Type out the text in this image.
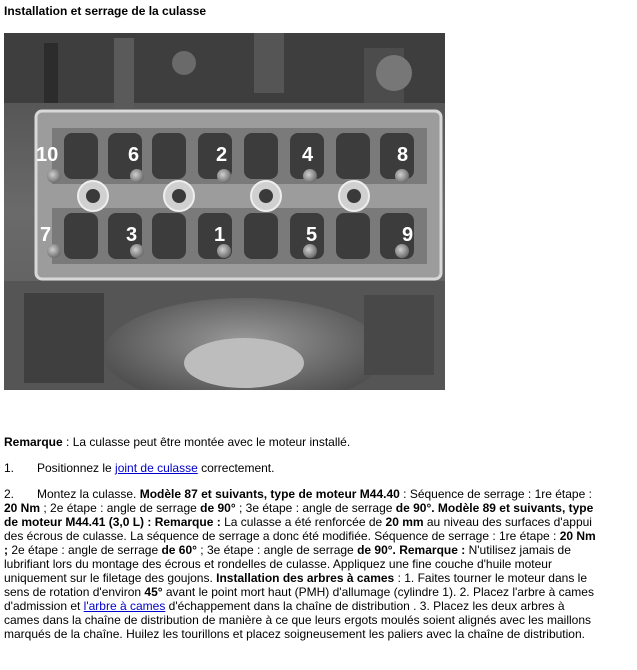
Installation et serrage de la culasse
10	6	2	4	8
7	3	1	5	9

Remarque : La culasse peut être montée avec le moteur installé.

1. Positionnez le joint de culasse correctement.

2. Montez la culasse. Modèle 87 et suivants, type de moteur M44.40 : Séquence de serrage : 1re étape : 20 Nm ; 2e étape : angle de serrage de 90° ; 3e étape : angle de serrage de 90°. Modèle 89 et suivants, type de moteur M44.41 (3,0 L) : Remarque : La culasse a été renforcée de 20 mm au niveau des surfaces d'appui des écrous de culasse. La séquence de serrage a donc été modifiée. Séquence de serrage : 1re étape : 20 Nm ; 2e étape : angle de serrage de 60° ; 3e étape : angle de serrage de 90°. Remarque : N'utilisez jamais de lubrifiant lors du montage des écrous et rondelles de culasse. Appliquez une fine couche d'huile moteur uniquement sur le filetage des goujons. Installation des arbres à cames : 1. Faites tourner le moteur dans le sens de rotation d'environ 45° avant le point mort haut (PMH) d'allumage (cylindre 1). 2. Placez l'arbre à cames d'admission et l'arbre à cames d'échappement dans la chaîne de distribution . 3. Placez les deux arbres à cames dans la chaîne de distribution de manière à ce que leurs ergots moulés soient alignés avec les maillons marqués de la chaîne. Huilez les tourillons et placez soigneusement les paliers avec la chaîne de distribution.
